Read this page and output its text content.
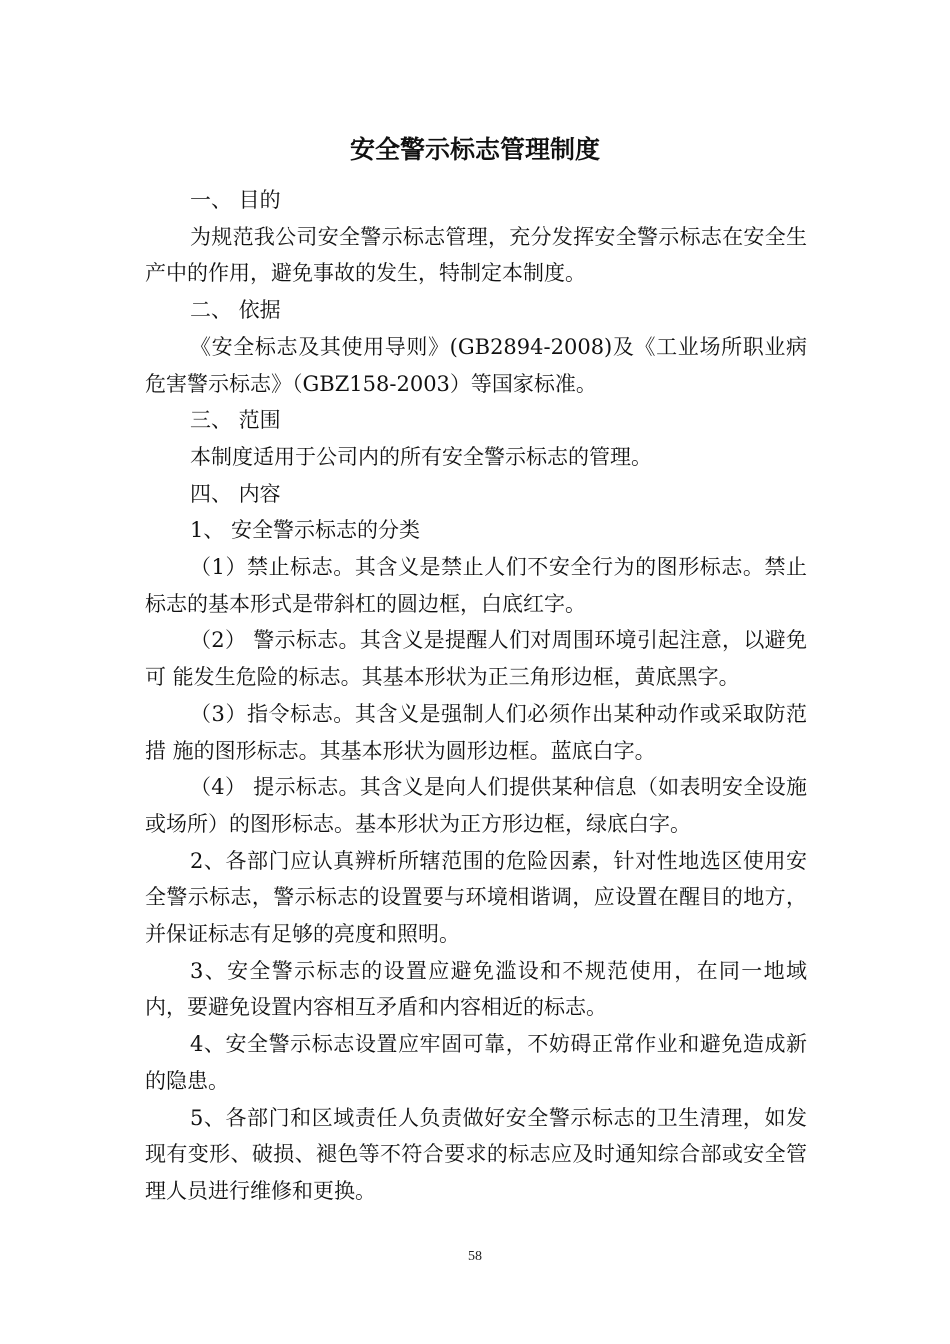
安全警示标志管理制度

一、 目的

为规范我公司安全警示标志管理，充分发挥安全警示标志在安全生产中的作用，避免事故的发生，特制定本制度。

二、 依据

《安全标志及其使用导则》(GB2894-2008)及《工业场所职业病危害警示标志》（GBZ158-2003）等国家标准。

三、 范围

本制度适用于公司内的所有安全警示标志的管理。

四、 内容

1、 安全警示标志的分类

（1）禁止标志。其含义是禁止人们不安全行为的图形标志。禁止标志的基本形式是带斜杠的圆边框，白底红字。

（2） 警示标志。其含义是提醒人们对周围环境引起注意，以避免可 能发生危险的标志。其基本形状为正三角形边框，黄底黑字。

（3）指令标志。其含义是强制人们必须作出某种动作或采取防范措 施的图形标志。其基本形状为圆形边框。蓝底白字。

（4） 提示标志。其含义是向人们提供某种信息（如表明安全设施或场所）的图形标志。基本形状为正方形边框，绿底白字。

2、各部门应认真辨析所辖范围的危险因素，针对性地选区使用安全警示标志，警示标志的设置要与环境相谐调，应设置在醒目的地方，并保证标志有足够的亮度和照明。

3、安全警示标志的设置应避免滥设和不规范使用，在同一地域内，要避免设置内容相互矛盾和内容相近的标志。

4、安全警示标志设置应牢固可靠，不妨碍正常作业和避免造成新 的隐患。

5、各部门和区域责任人负责做好安全警示标志的卫生清理，如发现有变形、破损、褪色等不符合要求的标志应及时通知综合部或安全管理人员进行维修和更换。

58
